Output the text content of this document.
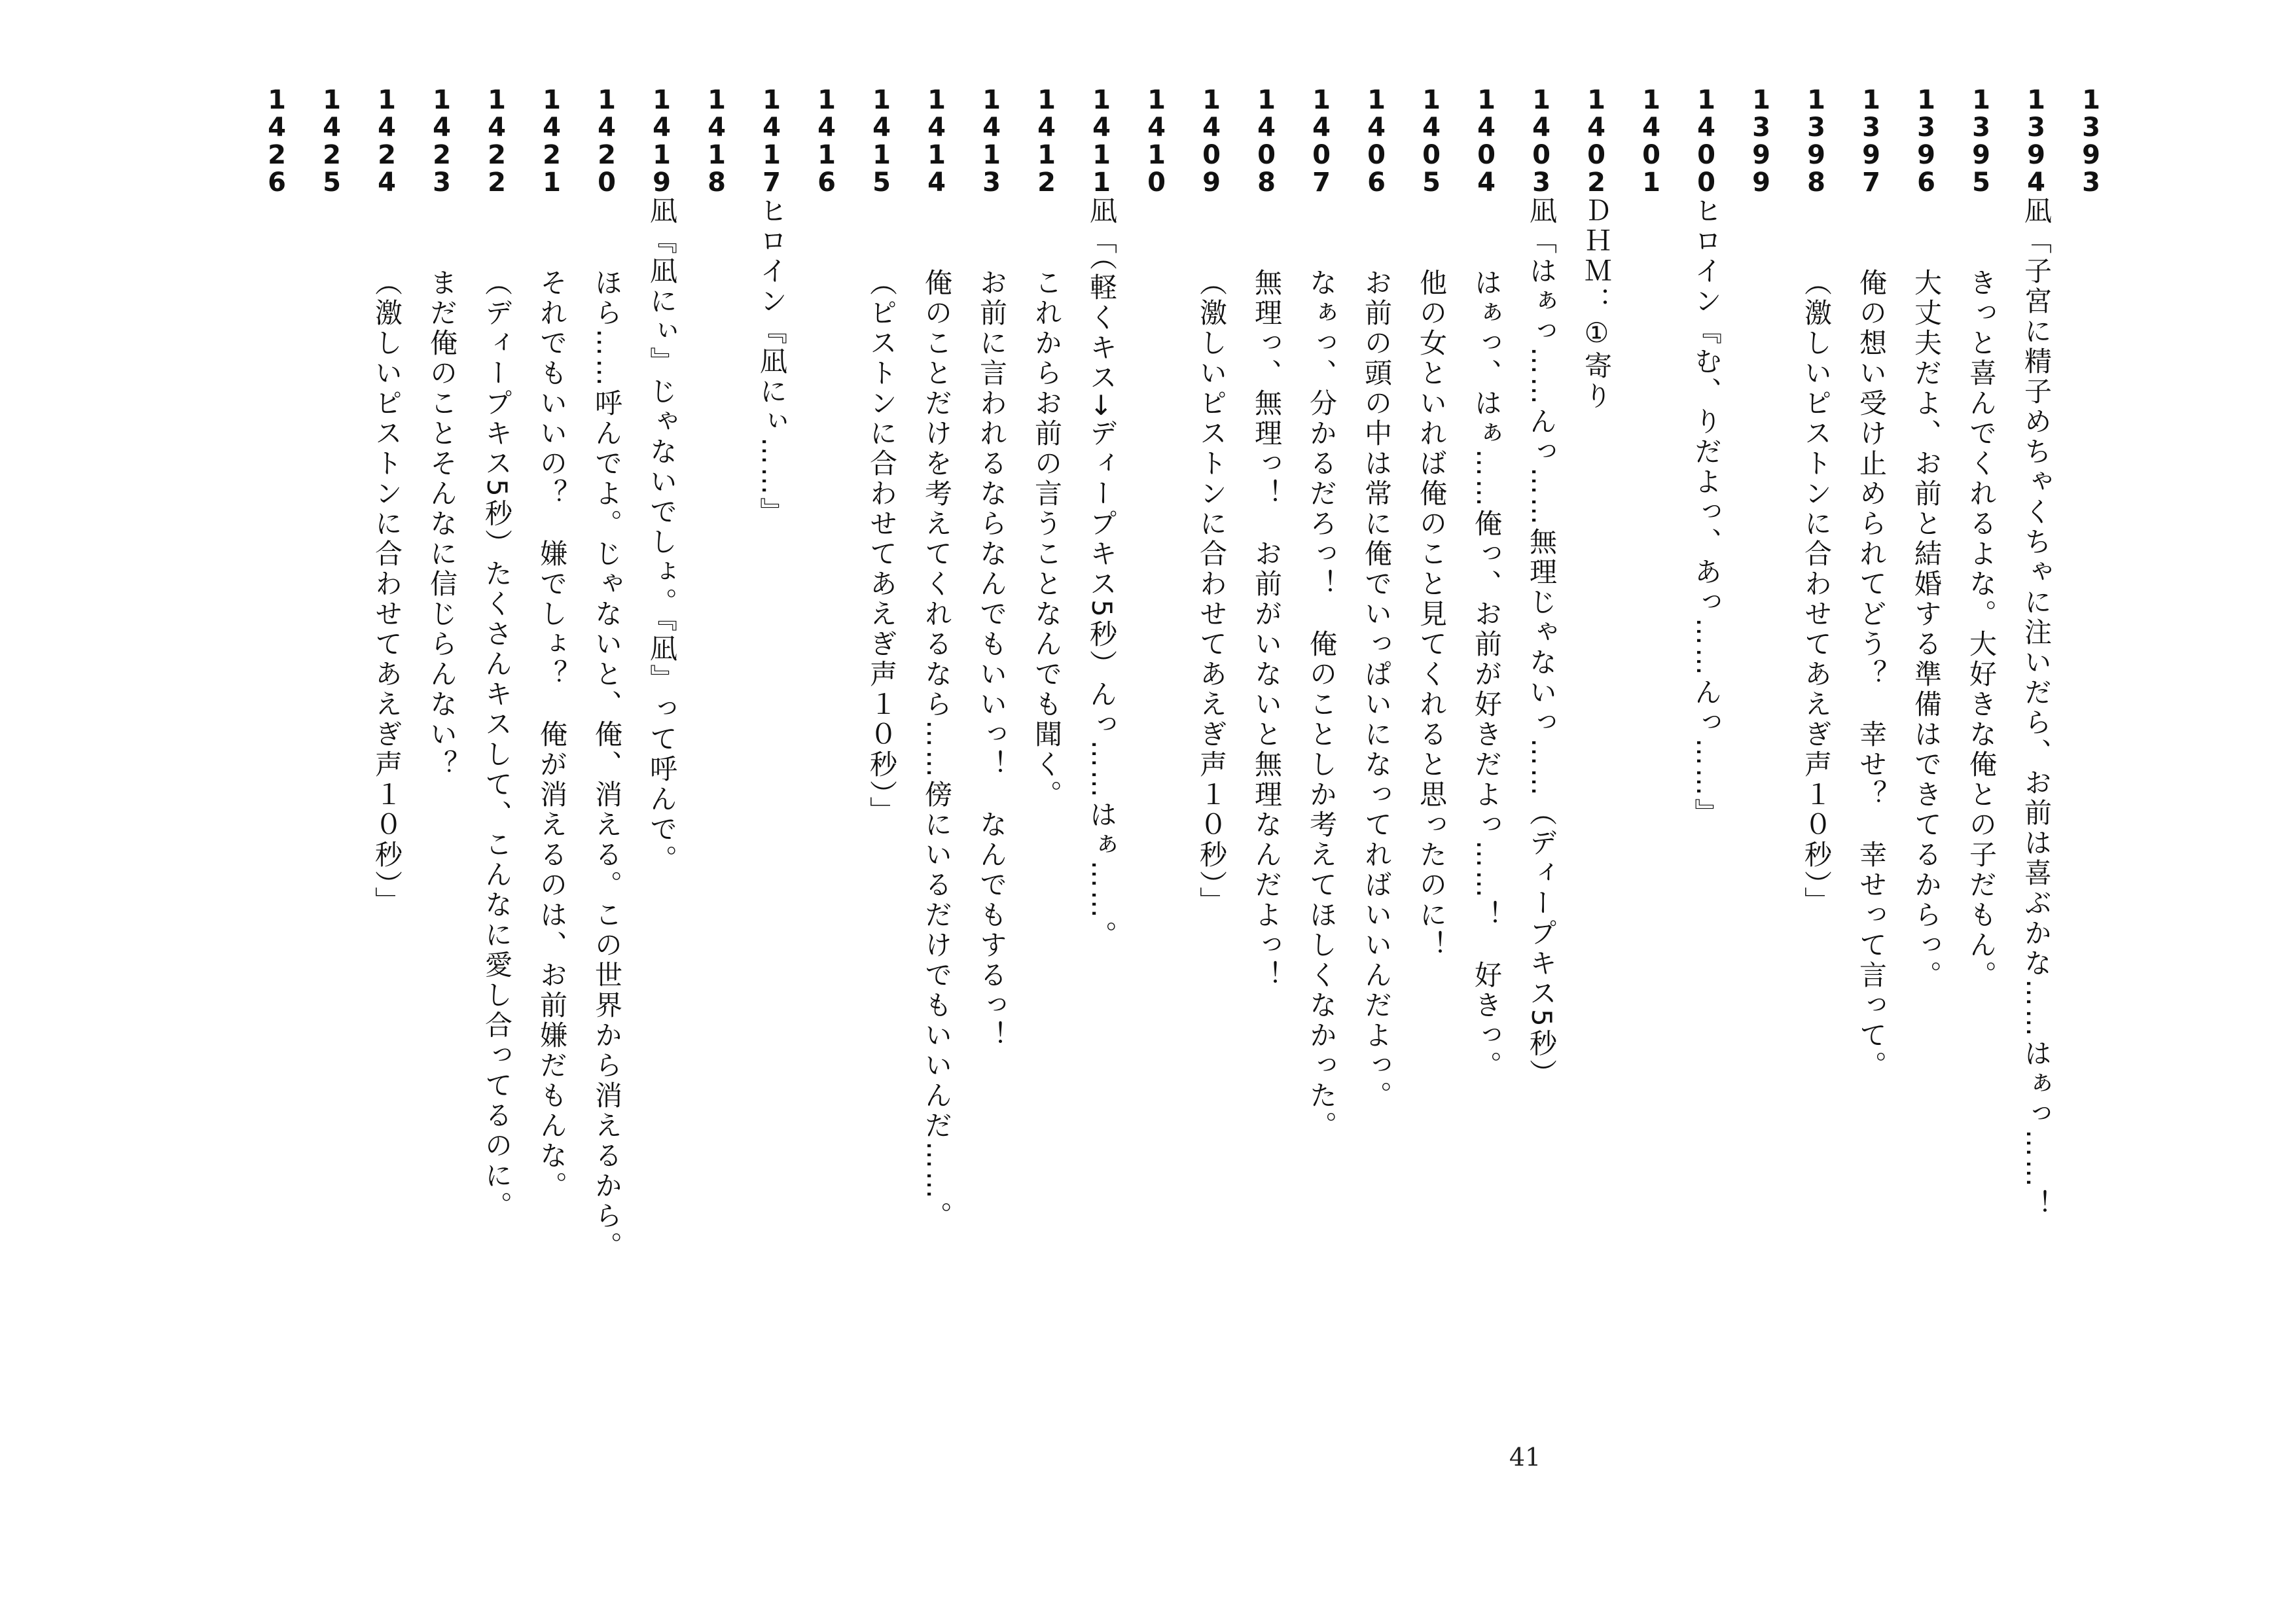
1393
1394
凪「子宮に精子めちゃくちゃに注いだら、お前は喜ぶかな……はぁっ……！
1395
きっと喜んでくれるよな。大好きな俺との子だもん。
1396
大丈夫だよ、お前と結婚する準備はできてるからっ。
1397
俺の想い受け止められてどう？　幸せ？　幸せって言って。
1398
（激しいピストンに合わせてあえぎ声１０秒）」
1399
1400
ヒロイン『む、りだよっ、あっ……んっ……』
1401
1402
ＤＨＭ：①寄り
1403
凪「はぁっ……んっ……無理じゃないっ……（ディープキス5秒）
1404
はぁっ、はぁ……俺っ、お前が好きだよっ……！　好きっ。
1405
他の女といれば俺のこと見てくれると思ったのに！
1406
お前の頭の中は常に俺でいっぱいになってればいいんだよっ。
1407
なぁっ、分かるだろっ！　俺のことしか考えてほしくなかった。
1408
無理っ、無理っ！　お前がいないと無理なんだよっ！
1409
（激しいピストンに合わせてあえぎ声１０秒）」
1410
1411
凪「（軽くキス→ディープキス5秒）んっ……はぁ……。
1412
これからお前の言うことなんでも聞く。
1413
お前に言われるならなんでもいいっ！　なんでもするっ！
1414
俺のことだけを考えてくれるなら……傍にいるだけでもいいんだ……。
1415
（ピストンに合わせてあえぎ声１０秒）」
1416
1417
ヒロイン『凪にぃ……』
1418
1419
凪『凪にぃ』じゃないでしょ。『凪』って呼んで。
1420
ほら……呼んでよ。じゃないと、俺、消える。この世界から消えるから。
1421
それでもいいの？　嫌でしょ？　俺が消えるのは、お前嫌だもんな。
1422
（ディープキス5秒）たくさんキスして、こんなに愛し合ってるのに。
1423
まだ俺のことそんなに信じらんない？
1424
（激しいピストンに合わせてあえぎ声１０秒）」
1425
1426
41
